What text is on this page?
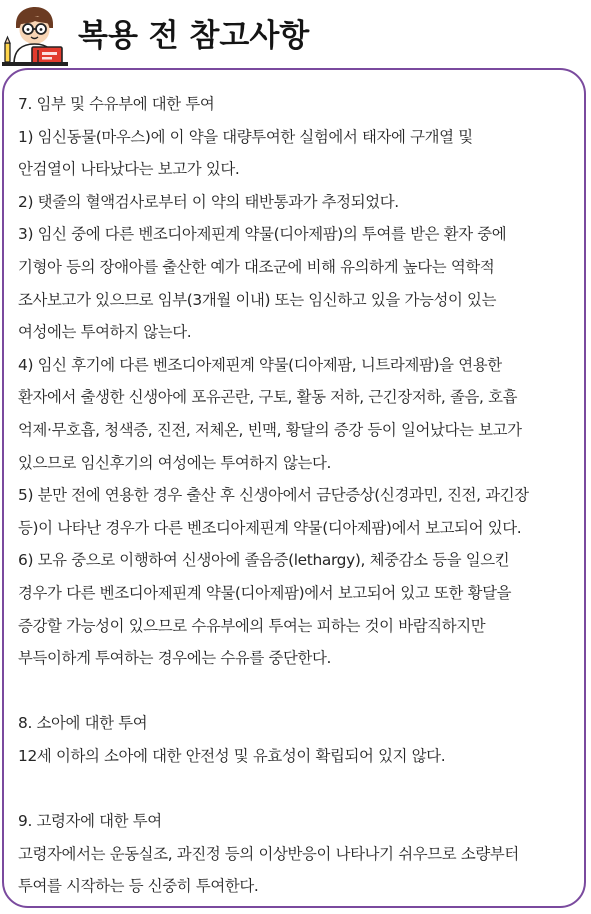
복용 전 참고사항
7. 임부 및 수유부에 대한 투여
1) 임신동물(마우스)에 이 약을 대량투여한 실험에서 태자에 구개열 및
안검열이 나타났다는 보고가 있다.
2) 탯줄의 혈액검사로부터 이 약의 태반통과가 추정되었다.
3) 임신 중에 다른 벤조디아제핀계 약물(디아제팜)의 투여를 받은 환자 중에
기형아 등의 장애아를 출산한 예가 대조군에 비해 유의하게 높다는 역학적
조사보고가 있으므로 임부(3개월 이내) 또는 임신하고 있을 가능성이 있는
여성에는 투여하지 않는다.
4) 임신 후기에 다른 벤조디아제핀계 약물(디아제팜, 니트라제팜)을 연용한
환자에서 출생한 신생아에 포유곤란, 구토, 활동 저하, 근긴장저하, 졸음, 호흡
억제·무호흡, 청색증, 진전, 저체온, 빈맥, 황달의 증강 등이 일어났다는 보고가
있으므로 임신후기의 여성에는 투여하지 않는다.
5) 분만 전에 연용한 경우 출산 후 신생아에서 금단증상(신경과민, 진전, 과긴장
등)이 나타난 경우가 다른 벤조디아제핀계 약물(디아제팜)에서 보고되어 있다.
6) 모유 중으로 이행하여 신생아에 졸음증(lethargy), 체중감소 등을 일으킨
경우가 다른 벤조디아제핀계 약물(디아제팜)에서 보고되어 있고 또한 황달을
증강할 가능성이 있으므로 수유부에의 투여는 피하는 것이 바람직하지만
부득이하게 투여하는 경우에는 수유를 중단한다.
8. 소아에 대한 투여
12세 이하의 소아에 대한 안전성 및 유효성이 확립되어 있지 않다.
9. 고령자에 대한 투여
고령자에서는 운동실조, 과진정 등의 이상반응이 나타나기 쉬우므로 소량부터
투여를 시작하는 등 신중히 투여한다.
